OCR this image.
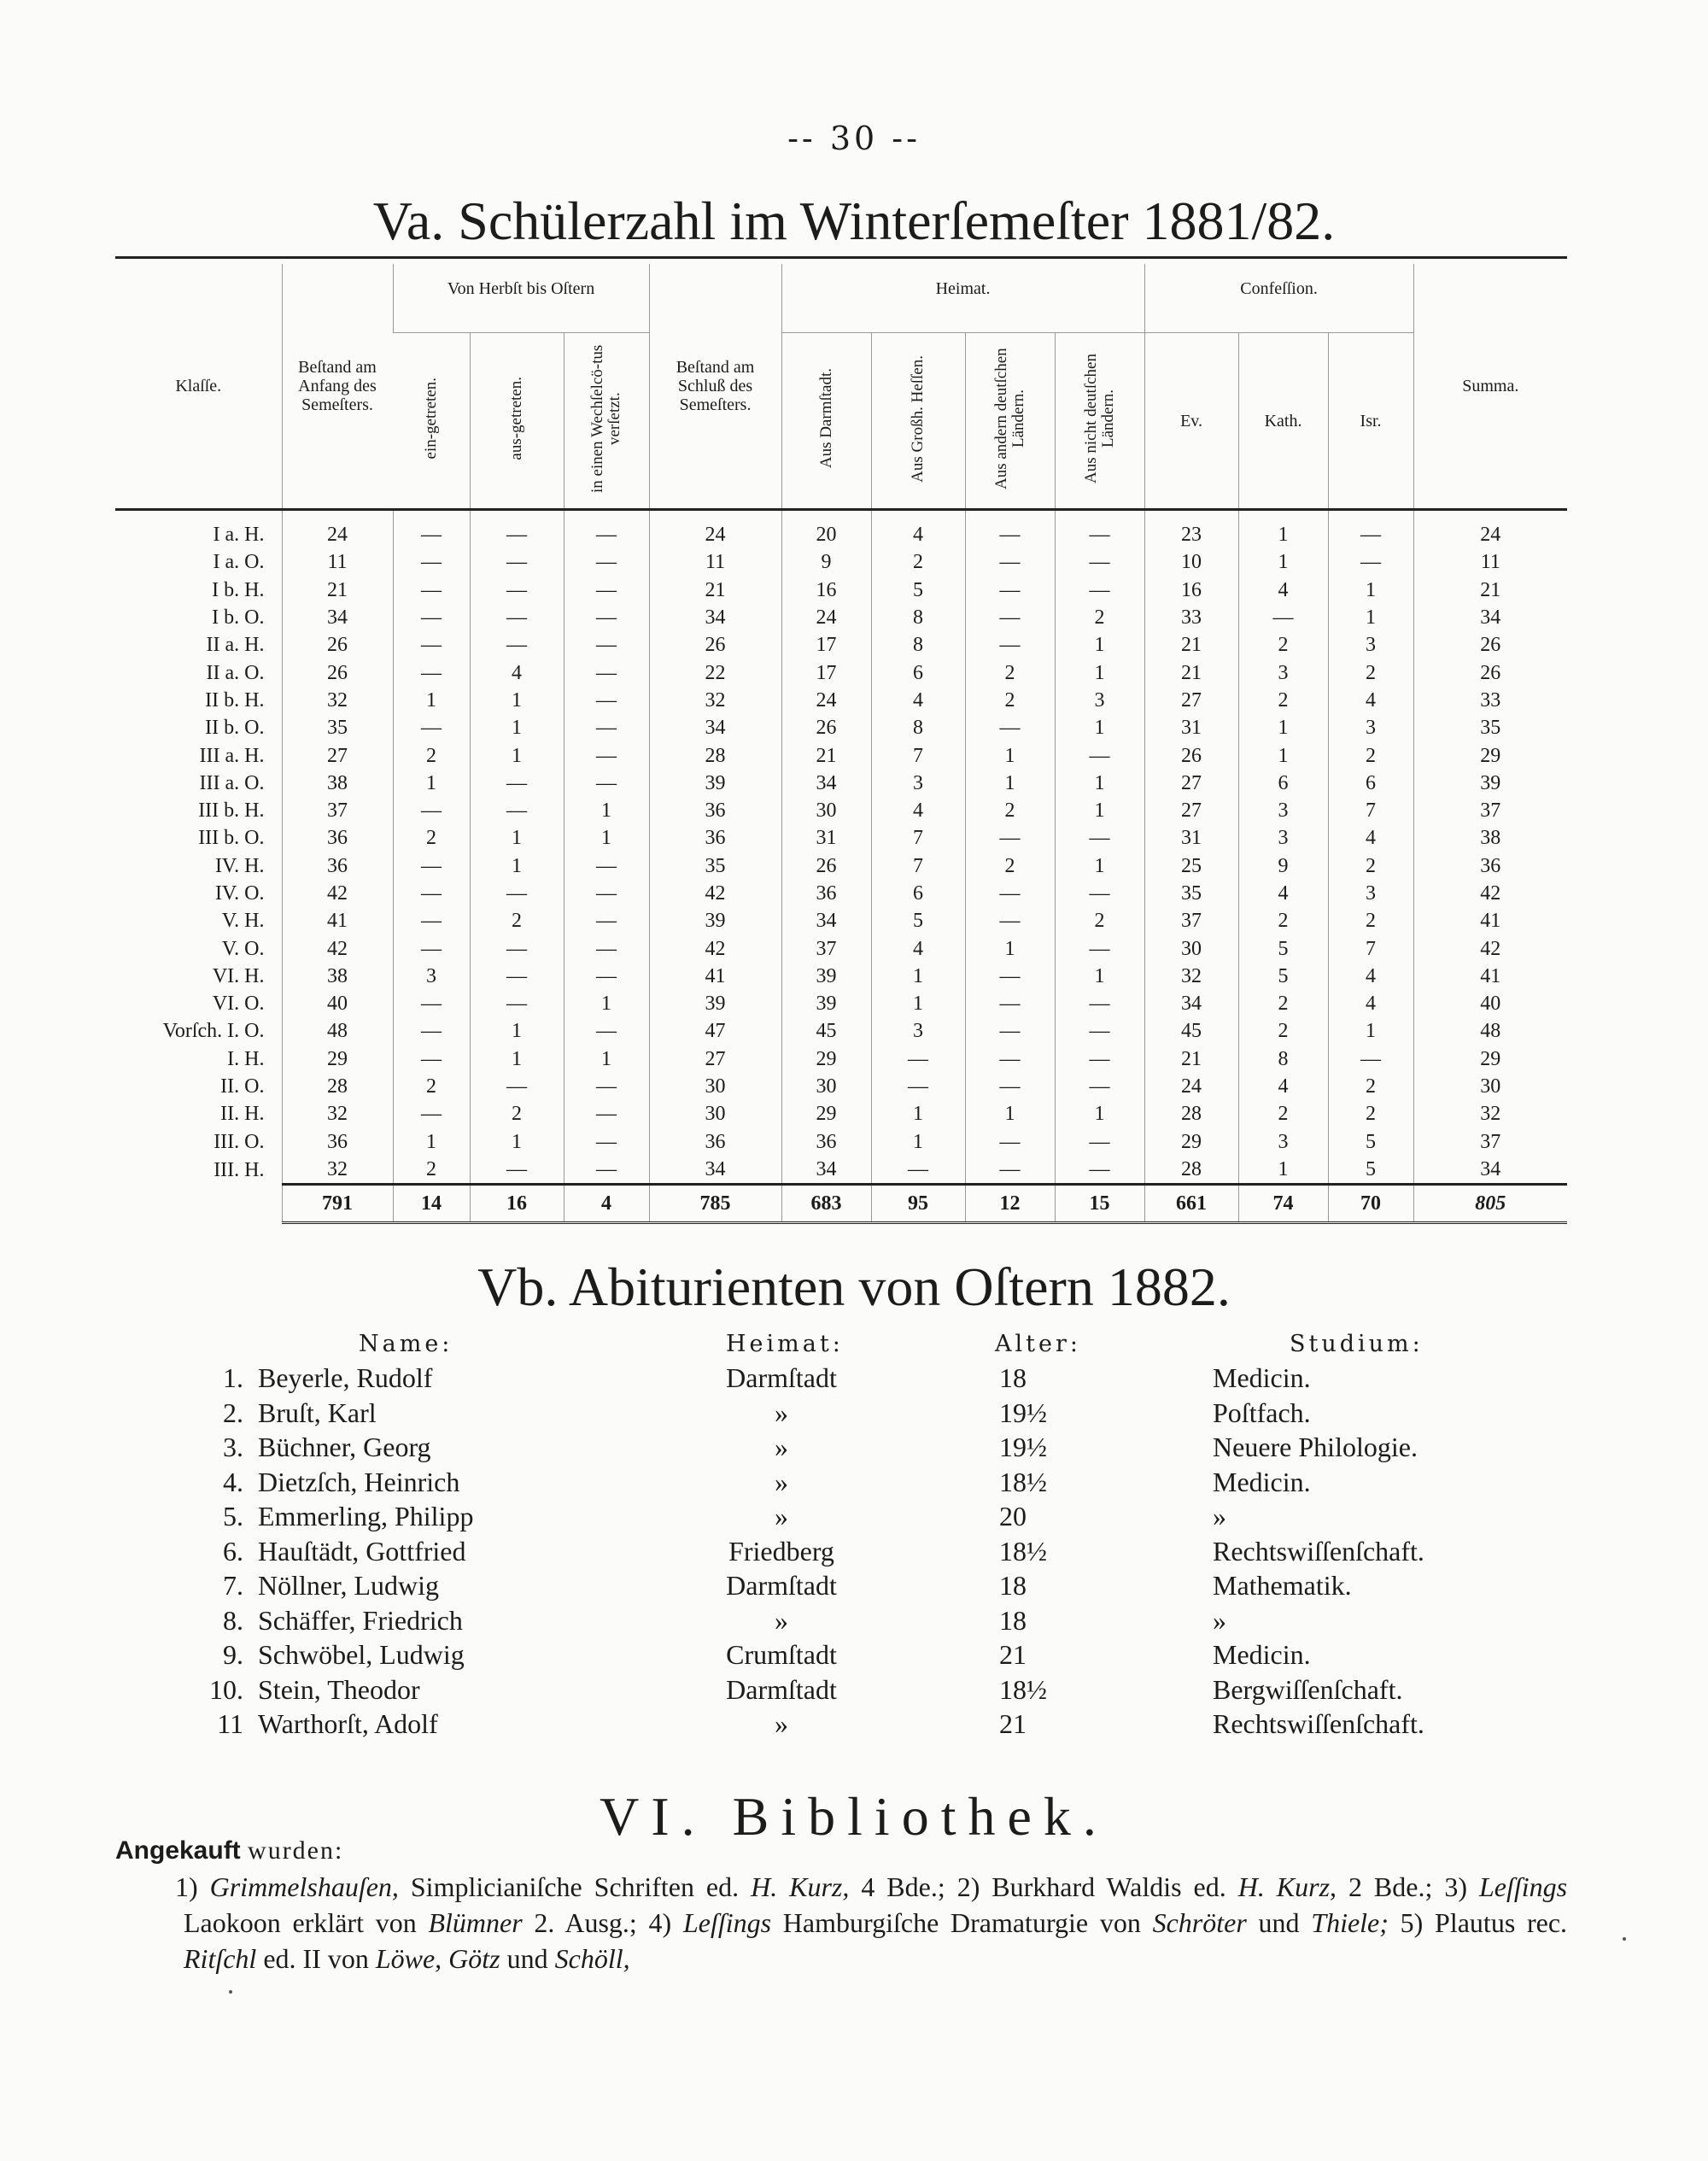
-- 30 --
Va. Schülerzahl im Winterſemeſter 1881/82.
Klaſſe.	Beſtand am Anfang des Semeſters.	Von Herbſt bis Oſtern			Beſtand am Schluß des Semeſters.	Heimat.				Confeſſion.			Summa.
		ein-getreten.	aus-getreten.	in einen Wechſelcö-tus verſetzt.		Aus Darmſtadt.	Aus Großh. Heſſen.	Aus andern deutſchen Ländern.	Aus nicht deutſchen Ländern.	Ev.	Kath.	Isr.	
I a. H.	24	—	—	—	24	20	4	—	—	23	1	—	24
I a. O.	11	—	—	—	11	9	2	—	—	10	1	—	11
I b. H.	21	—	—	—	21	16	5	—	—	16	4	1	21
I b. O.	34	—	—	—	34	24	8	—	2	33	—	1	34
II a. H.	26	—	—	—	26	17	8	—	1	21	2	3	26
II a. O.	26	—	4	—	22	17	6	2	1	21	3	2	26
II b. H.	32	1	1	—	32	24	4	2	3	27	2	4	33
II b. O.	35	—	1	—	34	26	8	—	1	31	1	3	35
III a. H.	27	2	1	—	28	21	7	1	—	26	1	2	29
III a. O.	38	1	—	—	39	34	3	1	1	27	6	6	39
III b. H.	37	—	—	1	36	30	4	2	1	27	3	7	37
III b. O.	36	2	1	1	36	31	7	—	—	31	3	4	38
IV. H.	36	—	1	—	35	26	7	2	1	25	9	2	36
IV. O.	42	—	—	—	42	36	6	—	—	35	4	3	42
V. H.	41	—	2	—	39	34	5	—	2	37	2	2	41
V. O.	42	—	—	—	42	37	4	1	—	30	5	7	42
VI. H.	38	3	—	—	41	39	1	—	1	32	5	4	41
VI. O.	40	—	—	1	39	39	1	—	—	34	2	4	40
Vorſch. I. O.	48	—	1	—	47	45	3	—	—	45	2	1	48
I. H.	29	—	1	1	27	29	—	—	—	21	8	—	29
II. O.	28	2	—	—	30	30	—	—	—	24	4	2	30
II. H.	32	—	2	—	30	29	1	1	1	28	2	2	32
III. O.	36	1	1	—	36	36	1	—	—	29	3	5	37
III. H.	32	2	—	—	34	34	—	—	—	28	1	5	34
	791	14	16	4	785	683	95	12	15	661	74	70	805
Vb. Abiturienten von Oſtern 1882.
Name:	Heimat:	Alter:	Studium:
1. Beyerle, Rudolf	Darmſtadt	18	Medicin.
2. Bruſt, Karl	»	19½	Poſtfach.
3. Büchner, Georg	»	19½	Neuere Philologie.
4. Dietzſch, Heinrich	»	18½	Medicin.
5. Emmerling, Philipp	»	20	»
6. Hauſtädt, Gottfried	Friedberg	18½	Rechtswiſſenſchaft.
7. Nöllner, Ludwig	Darmſtadt	18	Mathematik.
8. Schäffer, Friedrich	»	18	»
9. Schwöbel, Ludwig	Crumſtadt	21	Medicin.
10. Stein, Theodor	Darmſtadt	18½	Bergwiſſenſchaft.
11 Warthorſt, Adolf	»	21	Rechtswiſſenſchaft.
VI. Bibliothek.
Angekauft wurden:
1) Grimmelshauſen, Simplicianiſche Schriften ed. H. Kurz, 4 Bde.; 2) Burkhard Waldis ed. H. Kurz, 2 Bde.; 3) Leſſings Laokoon erklärt von Blümner 2. Ausg.; 4) Leſſings Hamburgiſche Dramaturgie von Schröter und Thiele; 5) Plautus rec. Ritſchl ed. II von Löwe, Götz und Schöll,
